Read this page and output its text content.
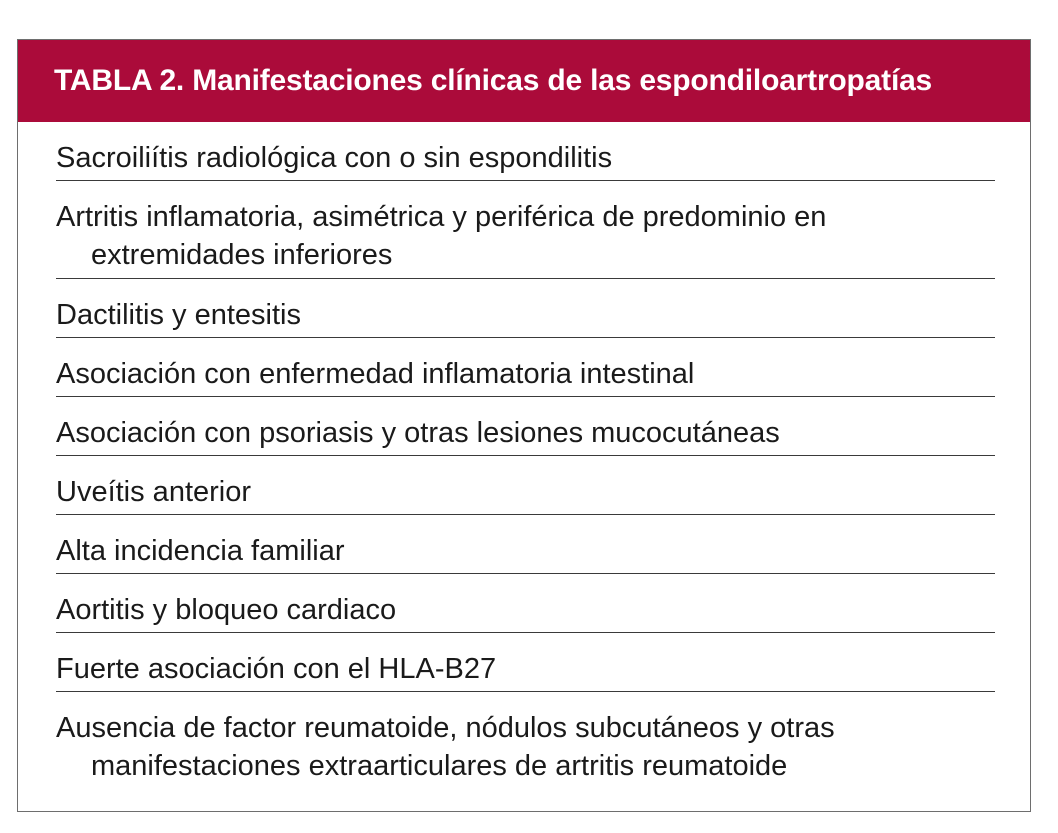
TABLA 2. Manifestaciones clínicas de las espondiloartropatías
Sacroiliítis radiológica con o sin espondilitis
Artritis inflamatoria, asimétrica y periférica de predominio en
extremidades inferiores
Dactilitis y entesitis
Asociación con enfermedad inflamatoria intestinal
Asociación con psoriasis y otras lesiones mucocutáneas
Uveítis anterior
Alta incidencia familiar
Aortitis y bloqueo cardiaco
Fuerte asociación con el HLA-B27
Ausencia de factor reumatoide, nódulos subcutáneos y otras
manifestaciones extraarticulares de artritis reumatoide
